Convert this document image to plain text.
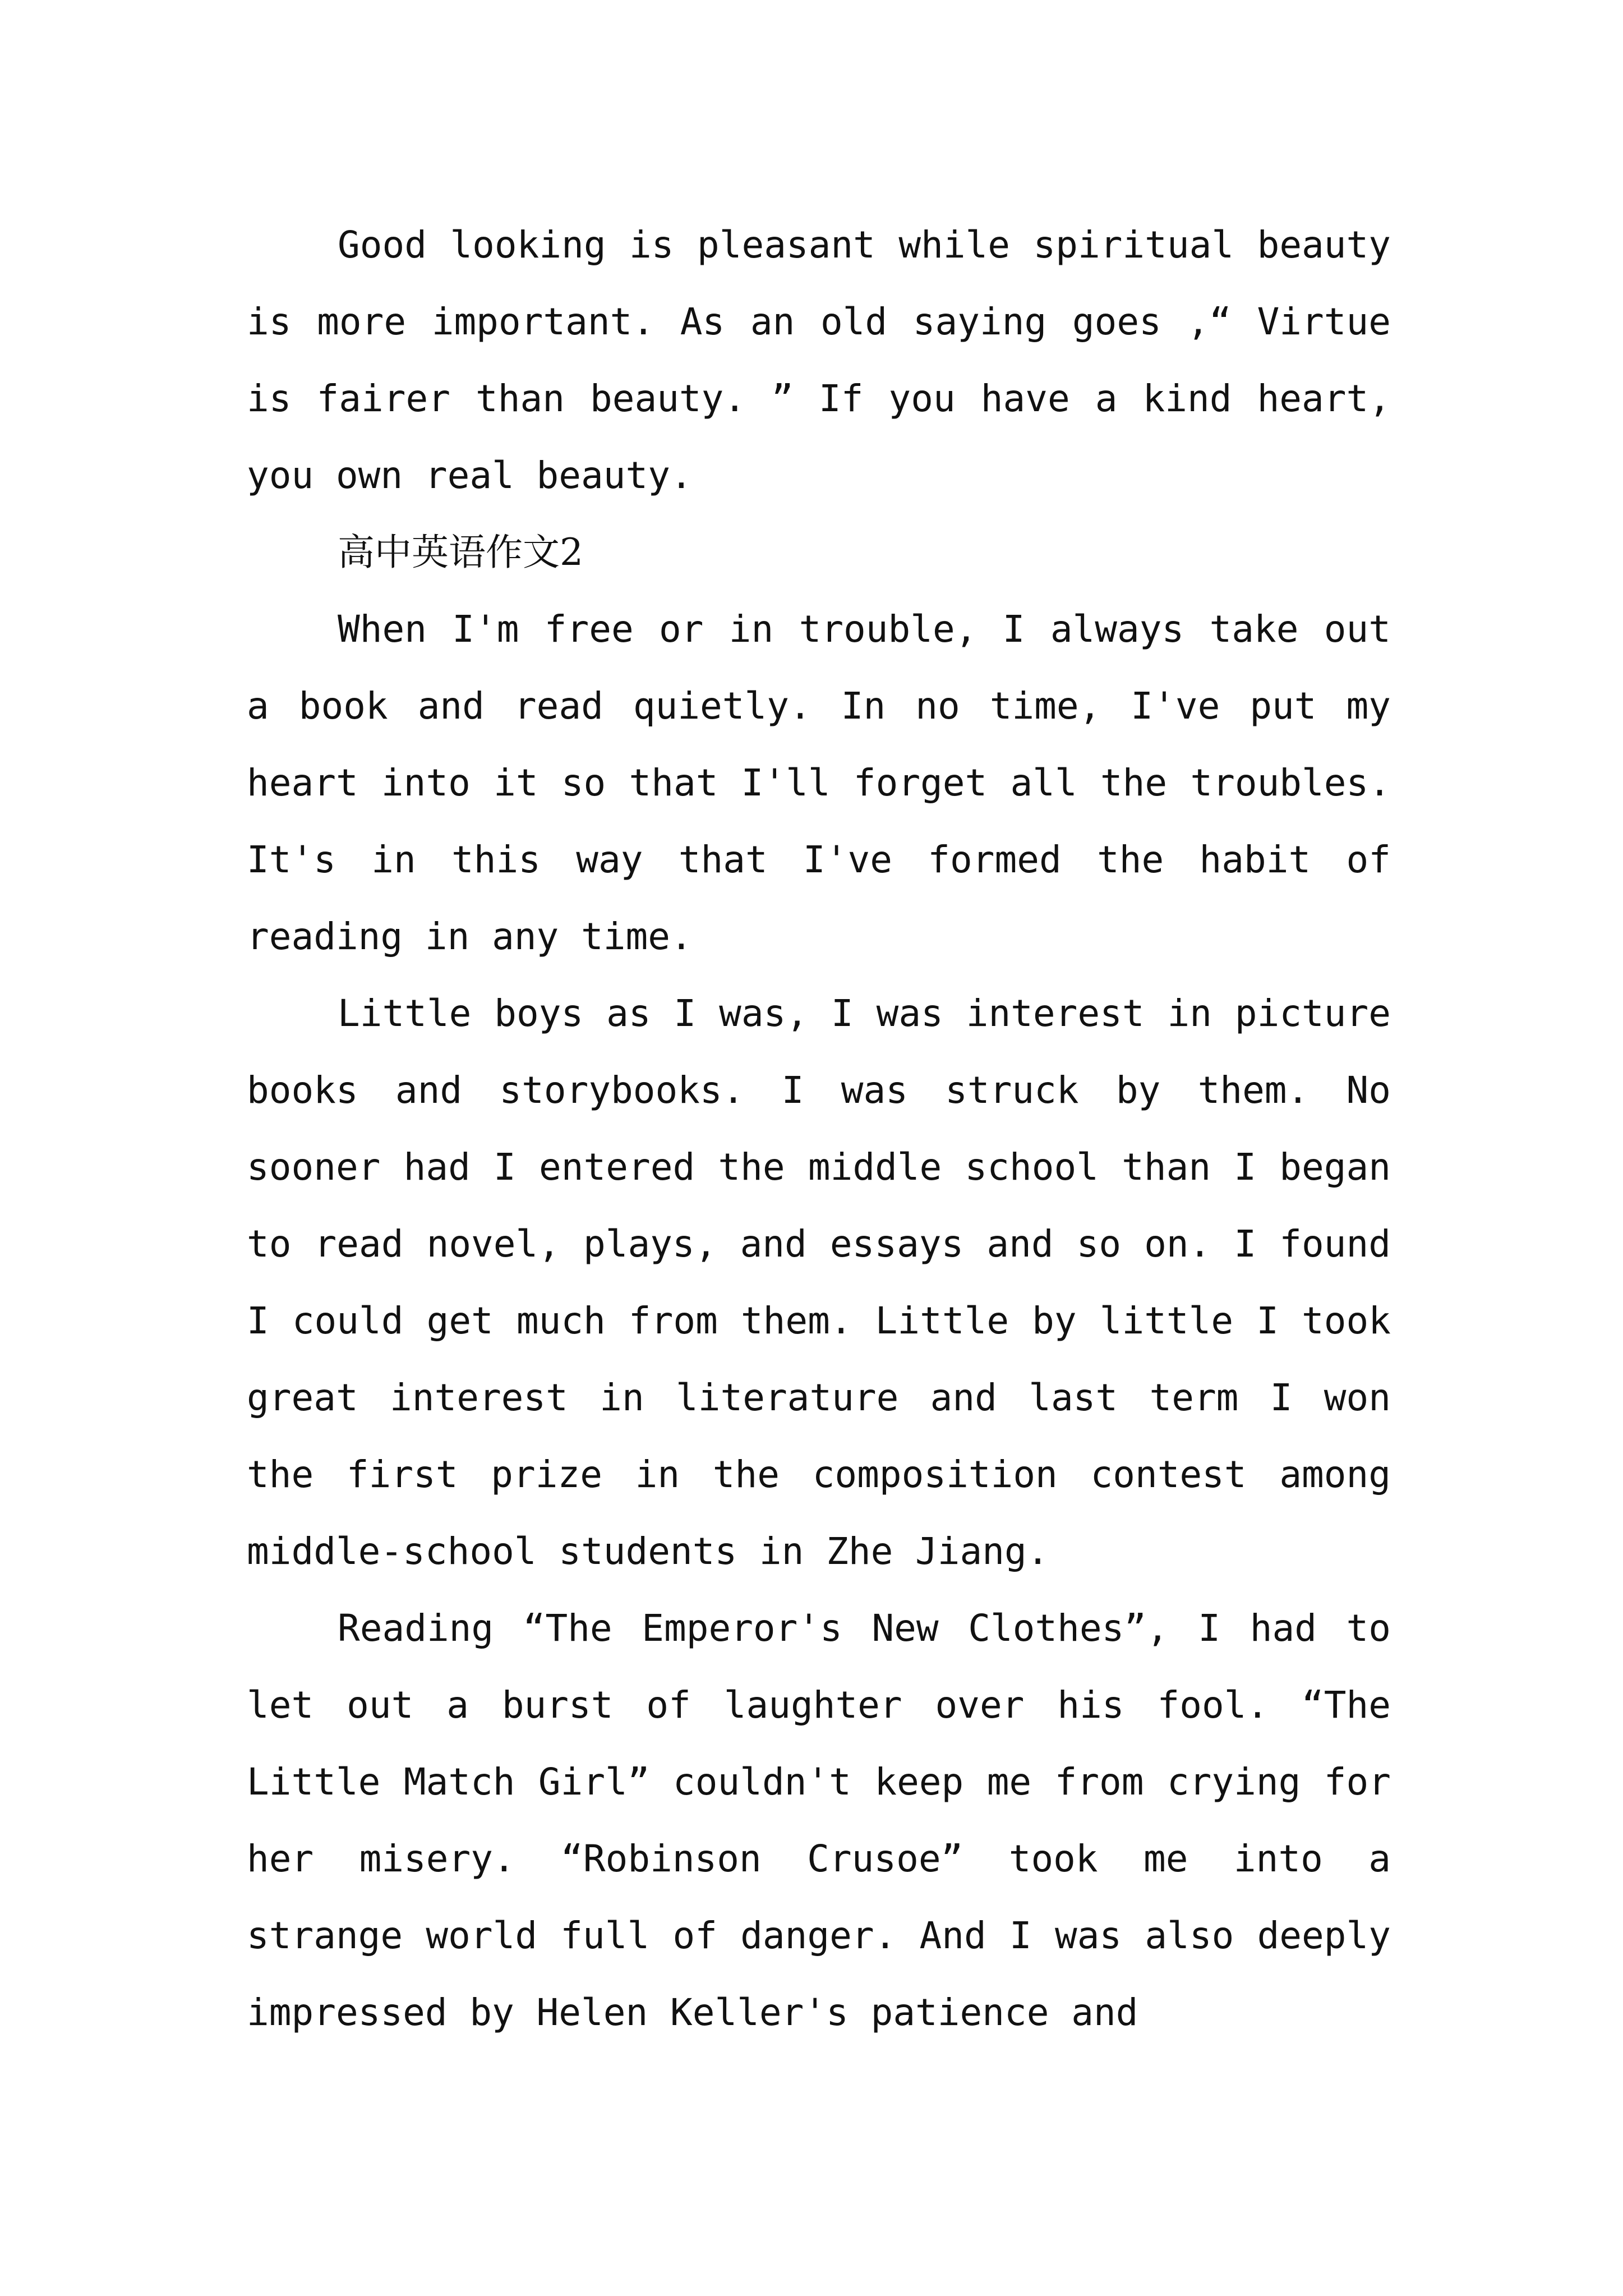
Good looking is pleasant while spiritual beauty is more important. As an old saying goes ,“ Virtue is fairer than beauty. ” If you have a kind heart, you own real beauty.

高中英语作文2

When I'm free or in trouble, I always take out a book and read quietly. In no time, I've put my heart into it so that I'll forget all the troubles. It's in this way that I've formed the habit of reading in any time.

Little boys as I was, I was interest in picture books and storybooks. I was struck by them. No sooner had I entered the middle school than I began to read novel, plays, and essays and so on. I found I could get much from them. Little by little I took great interest in literature and last term I won the first prize in the composition contest among middle-school students in Zhe Jiang.

Reading “The Emperor's New Clothes”, I had to let out a burst of laughter over his fool. “The Little Match Girl” couldn't keep me from crying for her misery. “Robinson Crusoe” took me into a strange world full of danger. And I was also deeply impressed by Helen Keller's patience and
